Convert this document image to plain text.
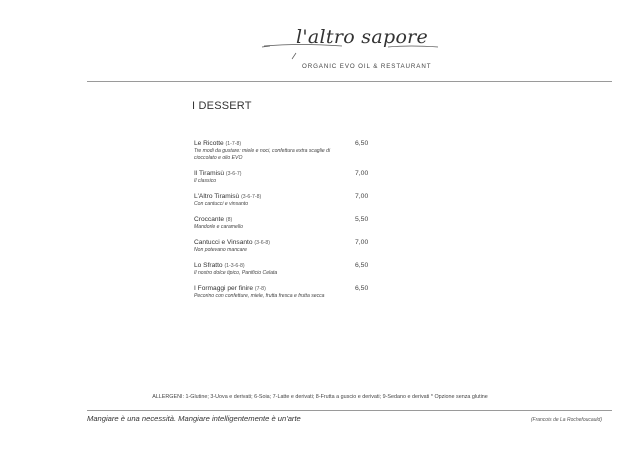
l'altro sapore
ORGANIC EVO OIL & RESTAURANT
I DESSERT
Le Ricotte (1-7-8)
Tre modi da gustare: miele e noci, confettura extra scaglie di cioccolato e olio EVO
6,50
Il Tiramisù (3-6-7)
Il classico
7,00
L'Altro Tiramisù (3-6-7-8)
Con cantucci e vinsanto
7,00
Croccante (8)
Mandorle e caramello
5,50
Cantucci e Vinsanto (3-6-8)
Non potevano mancare
7,00
Lo Sfratto (1-3-6-8)
Il nostro dolce tipico, Panificio Celata
6,50
I Formaggi per finire (7-8)
Pecorino con confetture, miele, frutta fresca e frutta secca
6,50
ALLERGENI: 1-Glutine; 3-Uova e derivati; 6-Soia; 7-Latte e derivati; 8-Frutta a guscio e derivati; 9-Sedano e derivati * Opzione senza glutine
Mangiare è una necessità. Mangiare intelligentemente è un'arte	(Francois de La Rochefoucauld)
